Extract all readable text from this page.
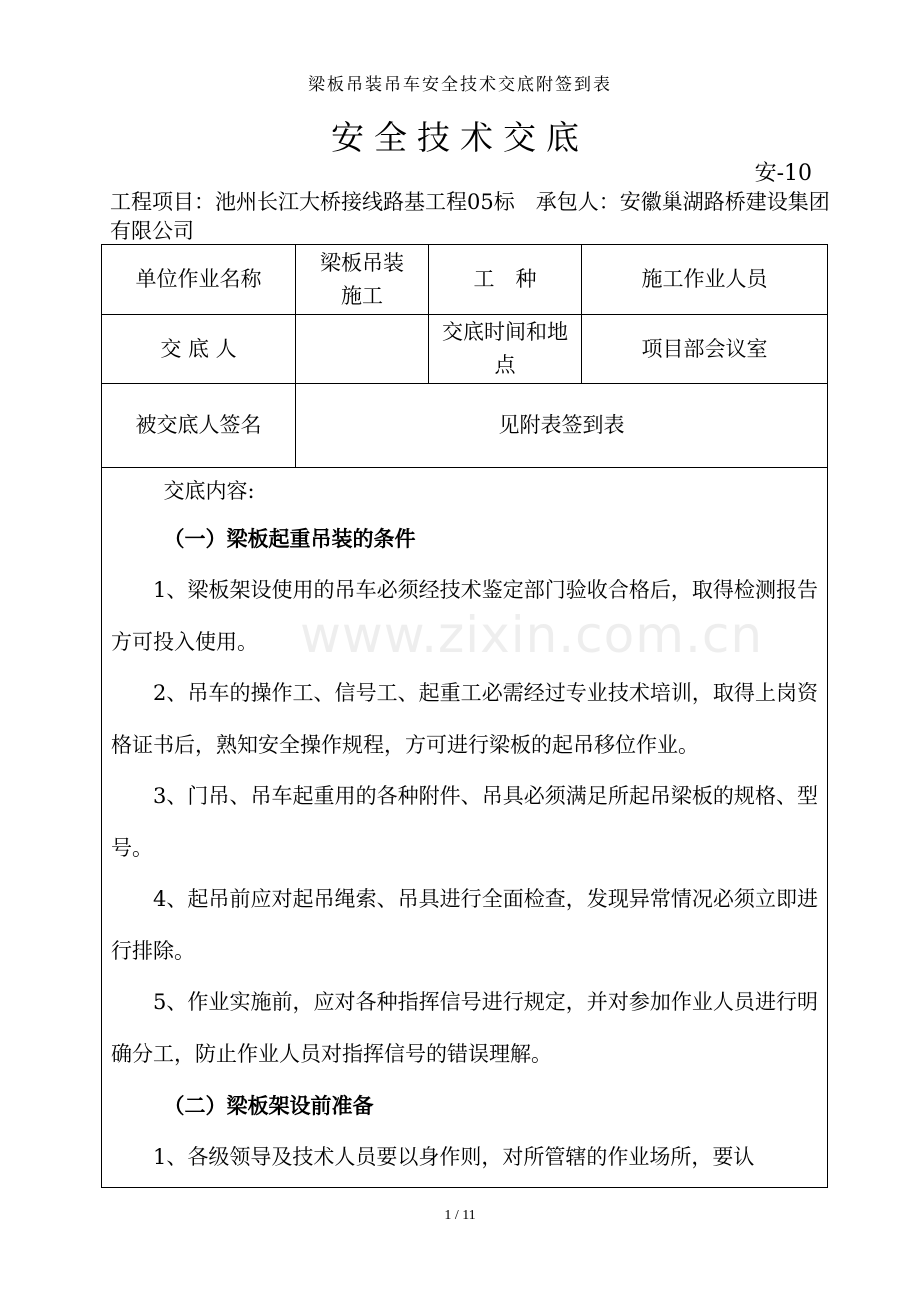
梁板吊装吊车安全技术交底附签到表
安全技术交底
安-10
工程项目：池州长江大桥接线路基工程05标　承包人：安徽巢湖路桥建设集团有限公司
单位作业名称
梁板吊装施工
工　种	施工作业人员
交 底 人
交底时间和地点
项目部会议室
被交底人签名	见附表签到表

交底内容:

（一）梁板起重吊装的条件

1、梁板架设使用的吊车必须经技术鉴定部门验收合格后，取得检测报告方可投入使用。

2、吊车的操作工、信号工、起重工必需经过专业技术培训，取得上岗资格证书后，熟知安全操作规程，方可进行梁板的起吊移位作业。

3、门吊、吊车起重用的各种附件、吊具必须满足所起吊梁板的规格、型号。

4、起吊前应对起吊绳索、吊具进行全面检查，发现异常情况必须立即进行排除。

5、作业实施前，应对各种指挥信号进行规定，并对参加作业人员进行明确分工，防止作业人员对指挥信号的错误理解。

（二）梁板架设前准备

1、各级领导及技术人员要以身作则，对所管辖的作业场所，要认

www.zixin.com.cn
1 / 11
